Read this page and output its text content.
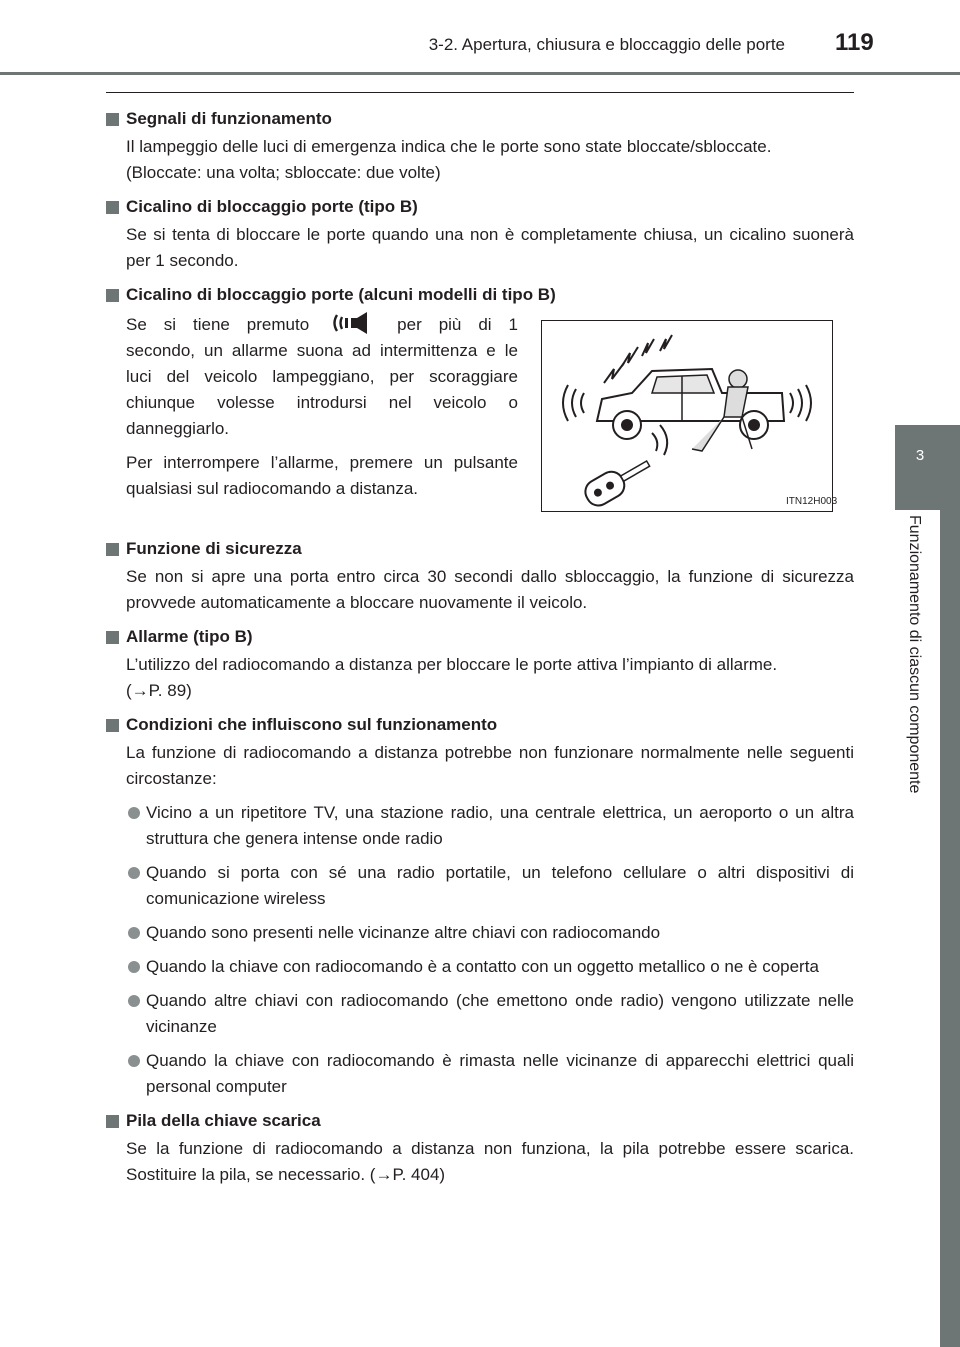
3-2. Apertura, chiusura e bloccaggio delle porte 119
3
Funzionamento di ciascun componente
Segnali di funzionamento
Il lampeggio delle luci di emergenza indica che le porte sono state bloccate/sbloccate.
(Bloccate: una volta; sbloccate: due volte)
Cicalino di bloccaggio porte (tipo B)
Se si tenta di bloccare le porte quando una non è completamente chiusa, un cicalino suonerà per 1 secondo.
Cicalino di bloccaggio porte (alcuni modelli di tipo B)

Se si tiene premuto	per più di 1 secondo, un allarme suona ad intermittenza e le luci del veicolo lampeggiano, per scoraggiare chiunque volesse introdursi nel veicolo o danneggiarlo.

Per interrompere l’allarme, premere un pulsante qualsiasi sul radiocomando a distanza.

ITN12H003
Funzione di sicurezza
Se non si apre una porta entro circa 30 secondi dallo sbloccaggio, la funzione di sicurezza provvede automaticamente a bloccare nuovamente il veicolo.
Allarme (tipo B)
L’utilizzo del radiocomando a distanza per bloccare le porte attiva l’impianto di allarme.
(→P. 89)
Condizioni che influiscono sul funzionamento
La funzione di radiocomando a distanza potrebbe non funzionare normalmente nelle seguenti circostanze:
Vicino a un ripetitore TV, una stazione radio, una centrale elettrica, un aeroporto o un altra struttura che genera intense onde radio
Quando si porta con sé una radio portatile, un telefono cellulare o altri dispositivi di comunicazione wireless
Quando sono presenti nelle vicinanze altre chiavi con radiocomando
Quando la chiave con radiocomando è a contatto con un oggetto metallico o ne è coperta
Quando altre chiavi con radiocomando (che emettono onde radio) vengono utilizzate nelle vicinanze
Quando la chiave con radiocomando è rimasta nelle vicinanze di apparecchi elettrici quali personal computer
Pila della chiave scarica
Se la funzione di radiocomando a distanza non funziona, la pila potrebbe essere scarica. Sostituire la pila, se necessario. (→P. 404)
